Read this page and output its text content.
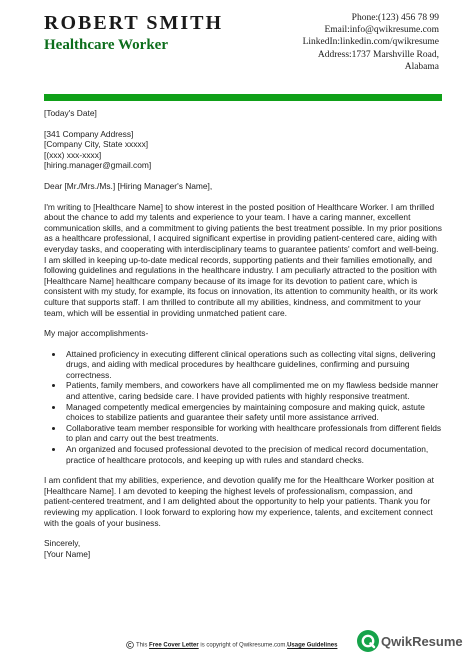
ROBERT SMITH
Healthcare Worker
Phone:(123) 456 78 99
Email:info@qwikresume.com
LinkedIn:linkedin.com/qwikresume
Address:1737 Marshville Road,
Alabama

[Today's Date]

[341 Company Address]
[Company City, State xxxxx]
[(xxx) xxx-xxxx]
[hiring.manager@gmail.com]

Dear [Mr./Mrs./Ms.] [Hiring Manager's Name],

I'm writing to [Healthcare Name] to show interest in the posted position of Healthcare Worker. I am thrilled about the chance to add my talents and experience to your team. I have a caring manner, excellent communication skills, and a commitment to giving patients the best treatment possible. In my prior positions as a healthcare professional, I acquired significant expertise in providing patient-centered care, aiding with everyday tasks, and cooperating with interdisciplinary teams to guarantee patients' comfort and well-being. I am skilled in keeping up-to-date medical records, supporting patients and their families emotionally, and following guidelines and regulations in the healthcare industry. I am peculiarly attracted to the position with [Healthcare Name] healthcare company because of its image for its devotion to patient care, which is consistent with my study, for example, its focus on innovation, its attention to community health, or its work culture that supports staff. I am thrilled to contribute all my abilities, kindness, and commitment to your team, which will be essential in providing unmatched patient care.

My major accomplishments-

• Attained proficiency in executing different clinical operations such as collecting vital signs, delivering drugs, and aiding with medical procedures by healthcare guidelines, confirming and pursuing correctness.
• Patients, family members, and coworkers have all complimented me on my flawless bedside manner and attentive, caring bedside care. I have provided patients with highly responsive treatment.
• Managed competently medical emergencies by maintaining composure and making quick, astute choices to stabilize patients and guarantee their safety until more assistance arrived.
• Collaborative team member responsible for working with healthcare professionals from different fields to plan and carry out the best treatments.
• An organized and focused professional devoted to the precision of medical record documentation, practice of healthcare protocols, and keeping up with rules and standard checks.

I am confident that my abilities, experience, and devotion qualify me for the Healthcare Worker position at [Healthcare Name]. I am devoted to keeping the highest levels of professionalism, compassion, and patient-centered treatment, and I am delighted about the opportunity to help your patients. Thank you for reviewing my application. I look forward to exploring how my experience, talents, and excitement connect with the goals of your business.

Sincerely,

[Your Name]

This Free Cover Letter is copyright of Qwikresume.com.Usage Guidelines	QwikResume
